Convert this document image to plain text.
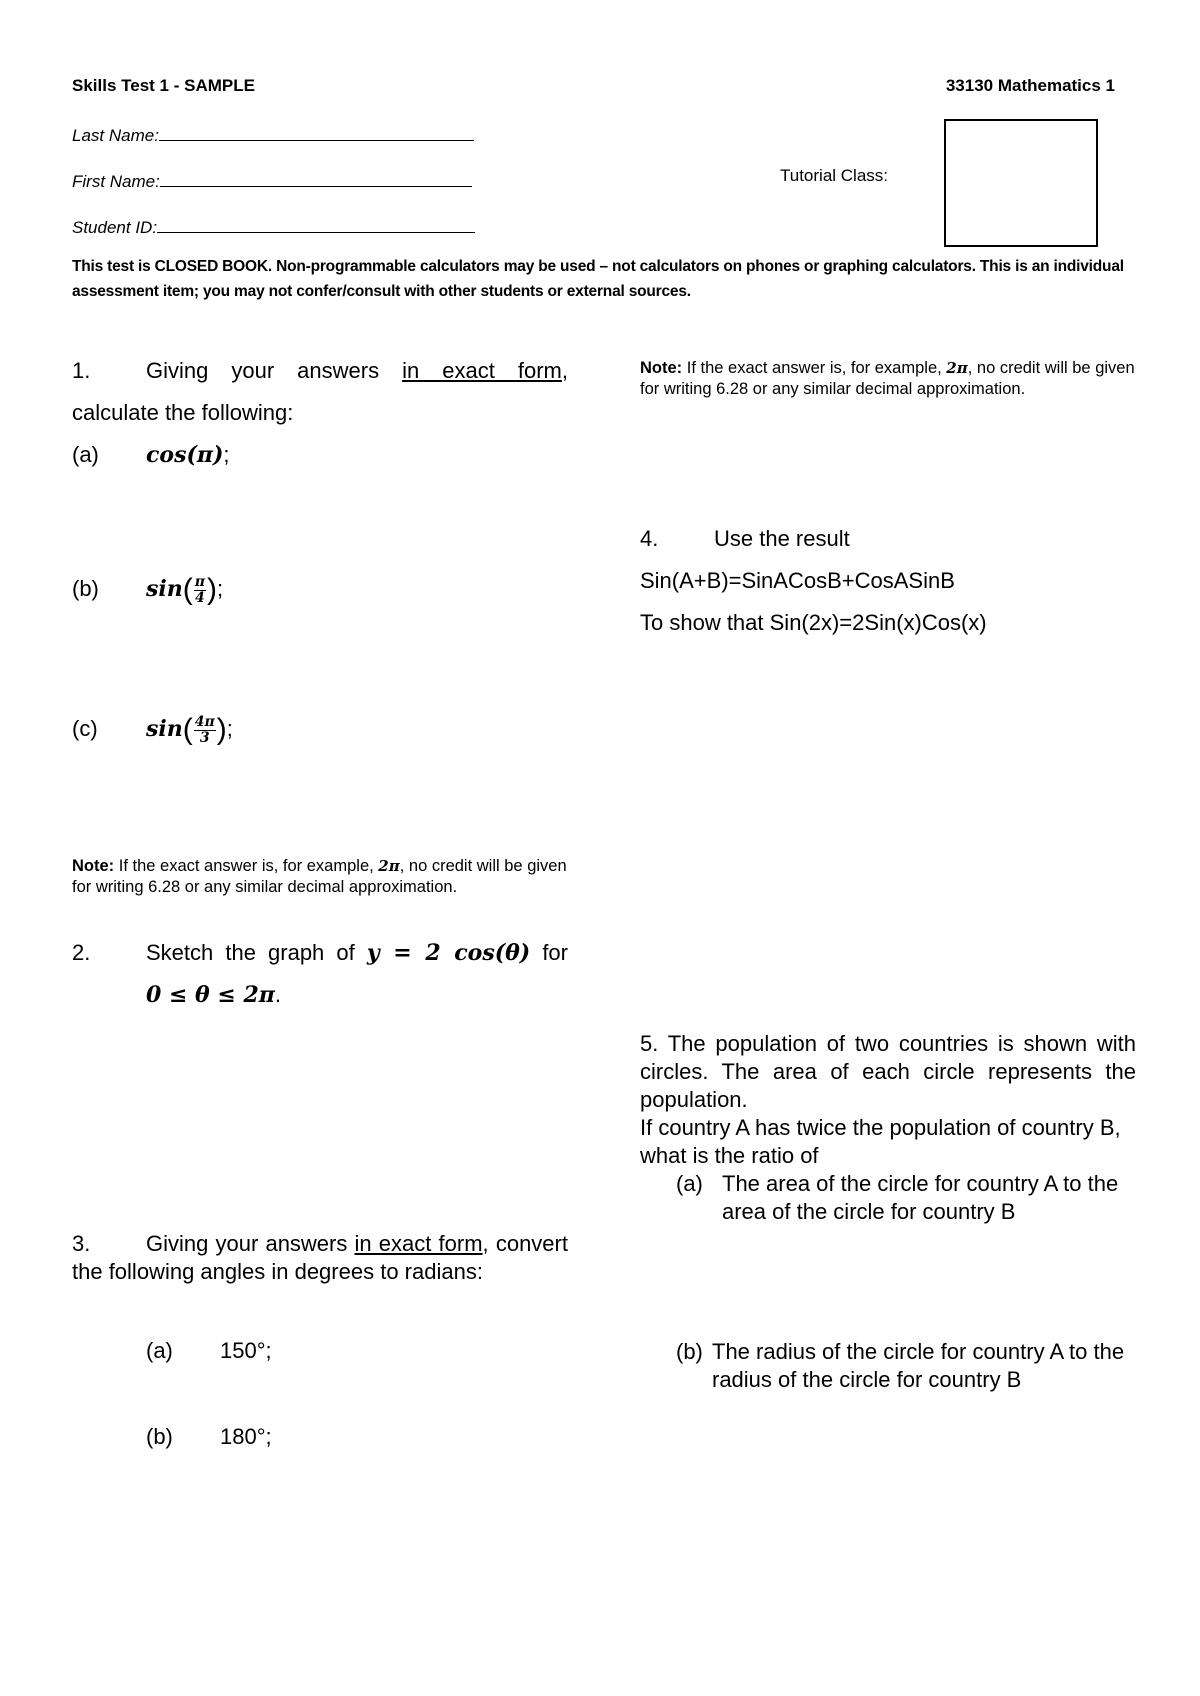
Skills Test 1 - SAMPLE	33130 Mathematics 1
Last Name:
First Name:
Student ID:
Tutorial Class:
This test is CLOSED BOOK. Non-programmable calculators may be used – not calculators on phones or graphing calculators. This is an individual assessment item; you may not confer/consult with other students or external sources.
1.	Giving your answers in exact form,
calculate the following:
(a) cos(π);
(b) $\sin( \frac{\pi}{4}$ );
(c) $\sin( \frac{4\pi}{3}$ );
Note: If the exact answer is, for example, 2π, no credit will be given for writing 6.28 or any similar decimal approximation.
2.	Sketch the graph of y = 2 cos(θ) for
0 ≤ θ ≤ 2π.
3.	Giving your answers in exact form, convert the following angles in degrees to radians:
(a) 150°;
(b) 180°;
Note: If the exact answer is, for example, 2π, no credit will be given for writing 6.28 or any similar decimal approximation.
4.	Use the result
Sin(A+B)=SinACosB+CosASinB
To show that Sin(2x)=2Sin(x)Cos(x)
5. The population of two countries is shown with circles. The area of each circle represents the population.
If country A has twice the population of country B, what is the ratio of
(a) The area of the circle for country A to the area of the circle for country B
(b) The radius of the circle for country A to the radius of the circle for country B
